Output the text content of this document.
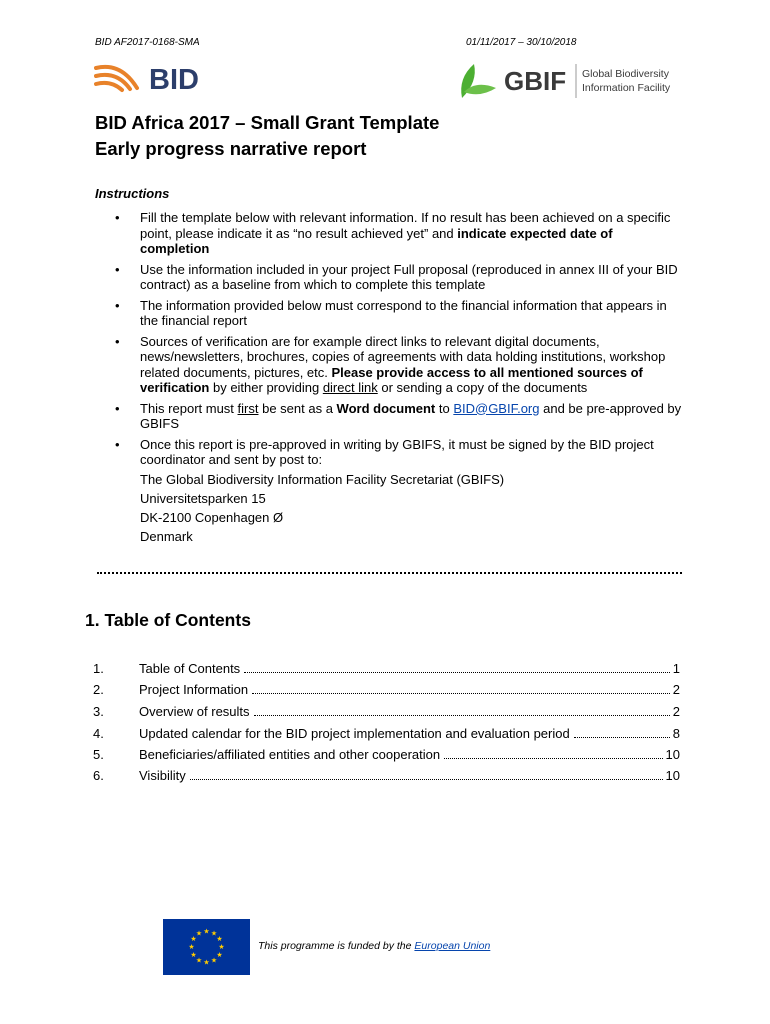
BID AF2017-0168-SMA	01/11/2017 – 30/10/2018
BID	GBIF Global Biodiversity
Information Facility
BID Africa 2017 – Small Grant Template
Early progress narrative report
Instructions
• Fill the template below with relevant information. If no result has been achieved on a specific point, please indicate it as “no result achieved yet” and indicate expected date of completion
• Use the information included in your project Full proposal (reproduced in annex III of your BID contract) as a baseline from which to complete this template
• The information provided below must correspond to the financial information that appears in the financial report
• Sources of verification are for example direct links to relevant digital documents, news/newsletters, brochures, copies of agreements with data holding institutions, workshop related documents, pictures, etc. Please provide access to all mentioned sources of verification by either providing direct link or sending a copy of the documents
• This report must first be sent as a Word document to BID@GBIF.org and be pre-approved by GBIFS
• Once this report is pre-approved in writing by GBIFS, it must be signed by the BID project coordinator and sent by post to:
The Global Biodiversity Information Facility Secretariat (GBIFS)
Universitetsparken 15
DK-2100 Copenhagen Ø
Denmark
1. Table of Contents
1.	Table of Contents	1
2.	Project Information	2
3.	Overview of results	2
4.	Updated calendar for the BID project implementation and evaluation period	8
5.	Beneficiaries/affiliated entities and other cooperation	10
6.	Visibility	10
★ ★
★
★
★
★
★
★
★
★
★
★
This programme is funded by the European Union
